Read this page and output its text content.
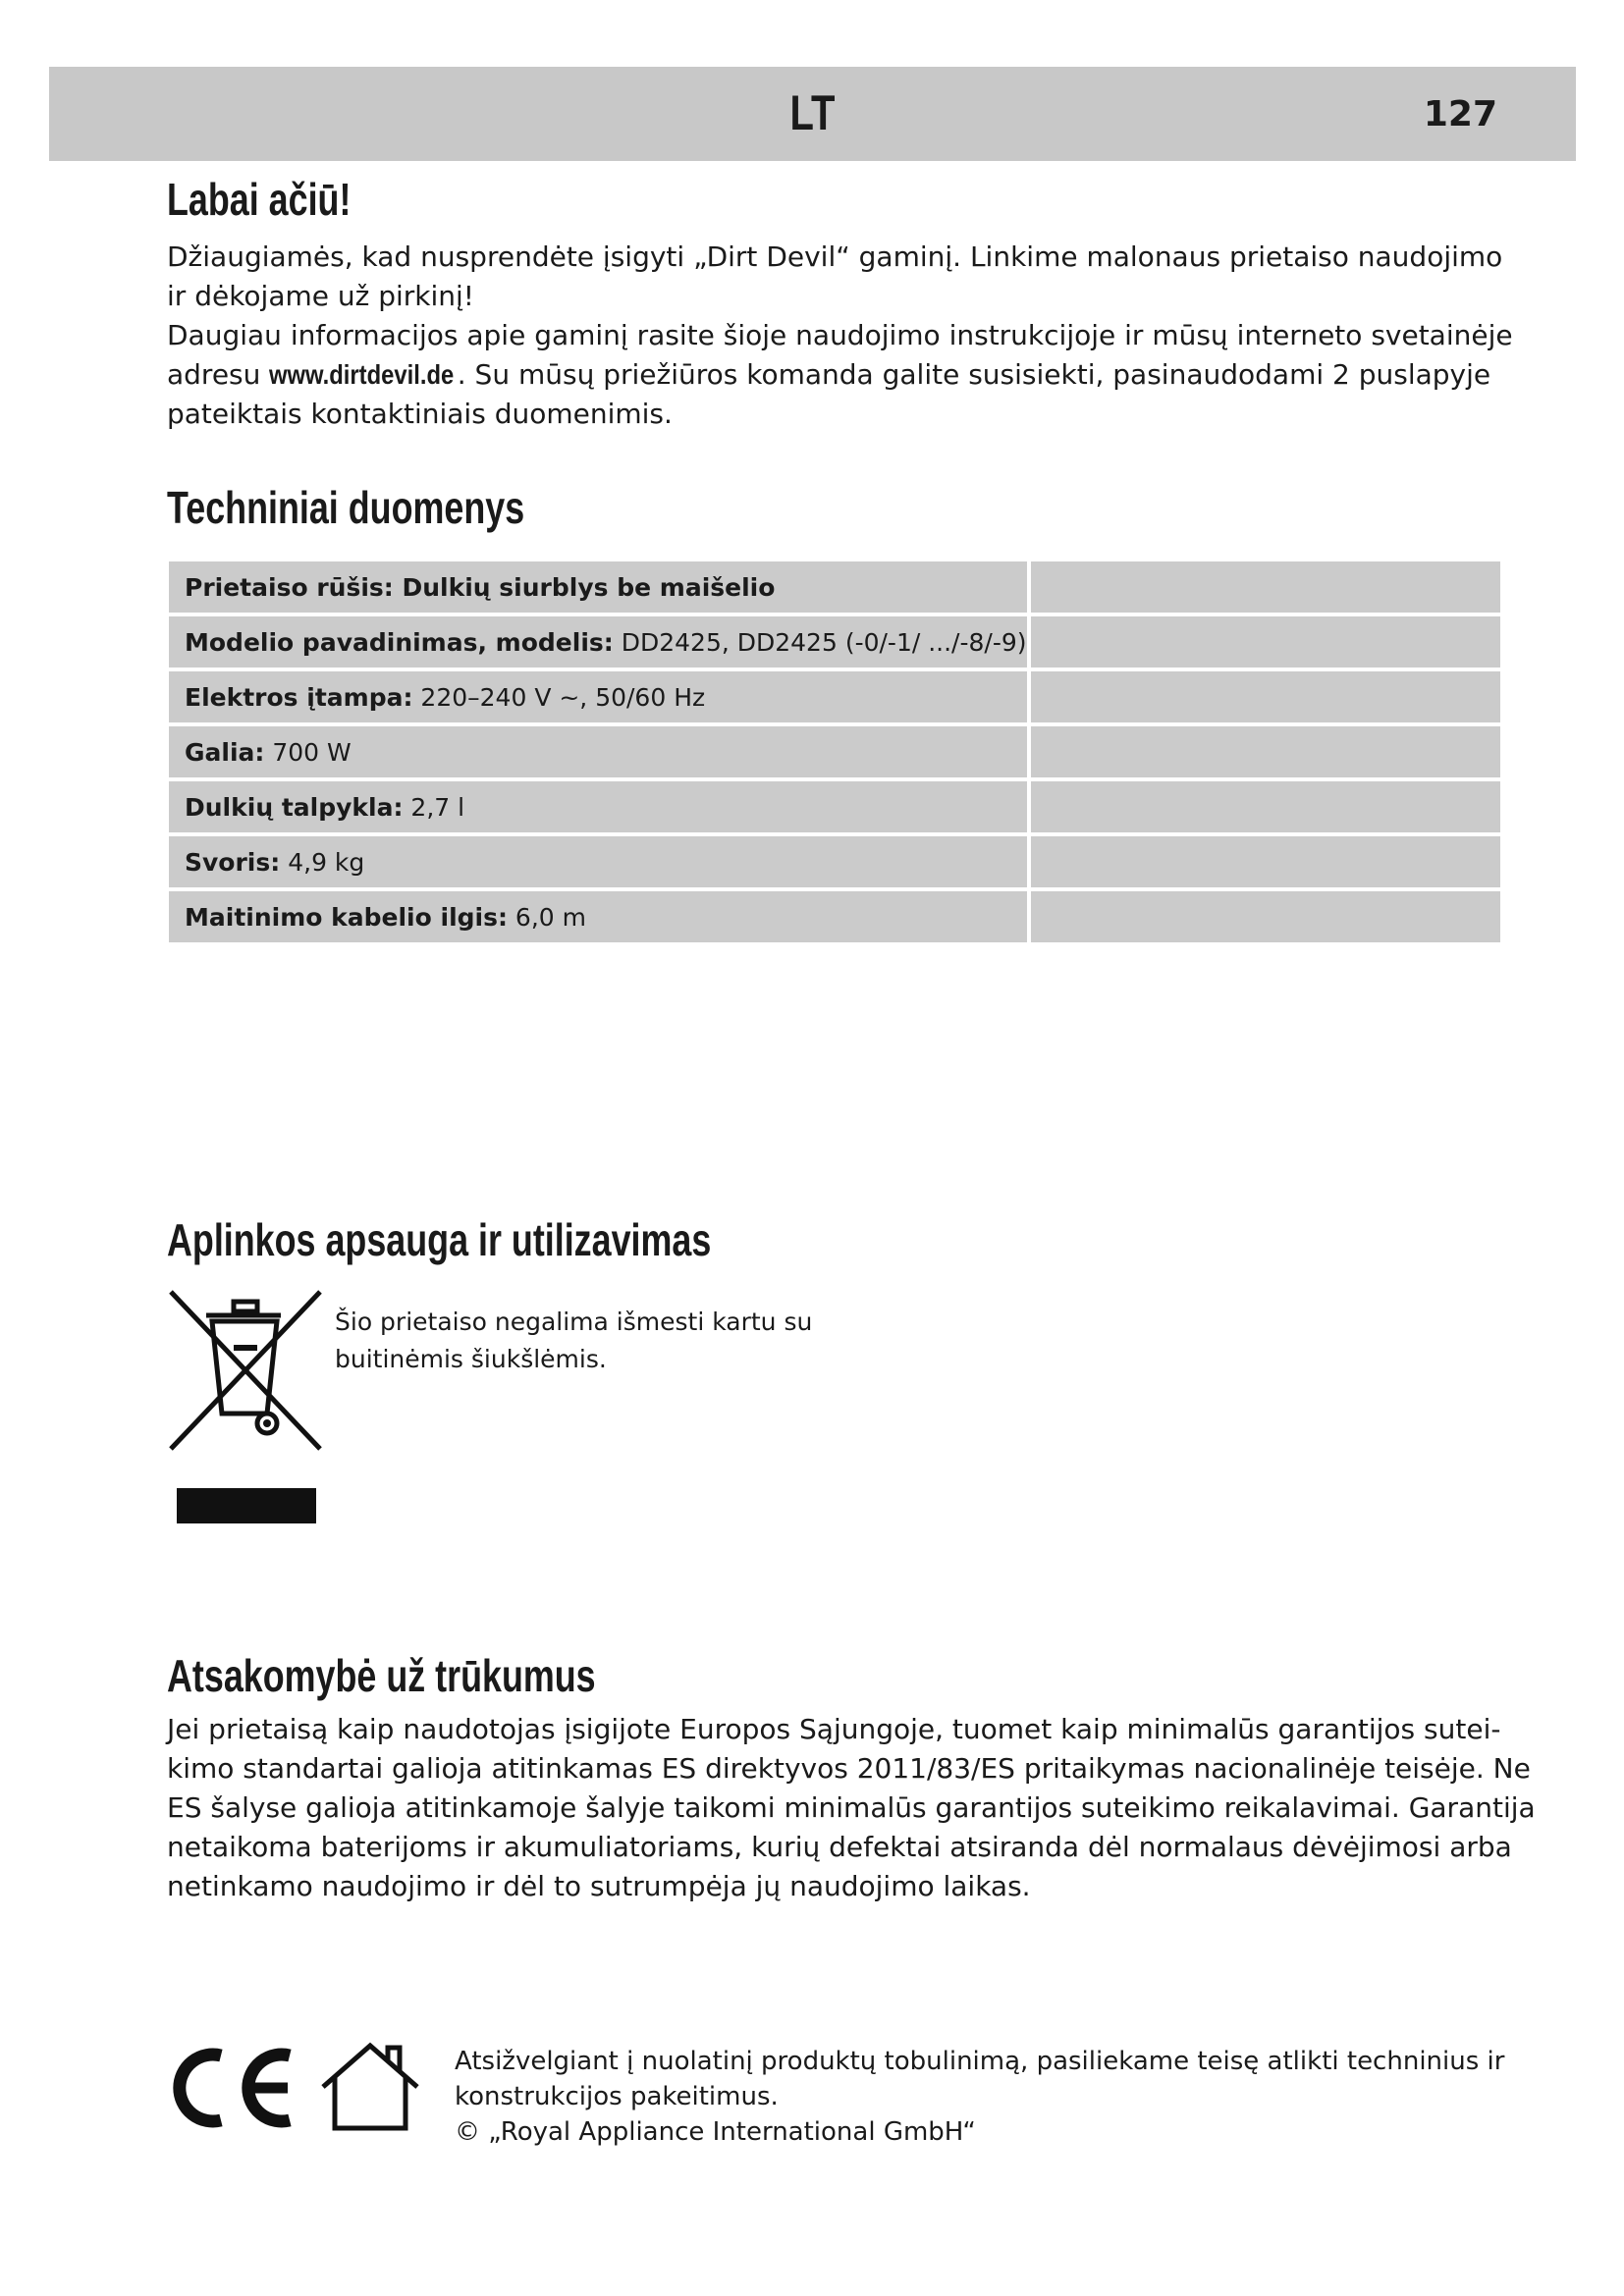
LT	127
Labai ačiū!
Džiaugiamės, kad nusprendėte įsigyti „Dirt Devil“ gaminį. Linkime malonaus prietaiso naudojimo
ir dėkojame už pirkinį!
Daugiau informacijos apie gaminį rasite šioje naudojimo instrukcijoje ir mūsų interneto svetainėje
adresu www.dirtdevil.de . Su mūsų priežiūros komanda galite susisiekti, pasinaudodami 2 puslapyje
pateiktais kontaktiniais duomenimis.
Techniniai duomenys
Prietaiso rūšis: Dulkių siurblys be maišelio	

Modelio pavadinimas, modelis: DD2425, DD2425 (-0/-1/ .../-8/-9)	

Elektros įtampa: 220–240 V ~, 50/60 Hz	

Galia: 700 W	

Dulkių talpykla: 2,7 l	

Svoris: 4,9 kg	

Maitinimo kabelio ilgis: 6,0 m	

Aplinkos apsauga ir utilizavimas
Šio prietaiso negalima išmesti kartu su
buitinėmis šiukšlėmis.
Atsakomybė už trūkumus
Jei prietaisą kaip naudotojas įsigijote Europos Sąjungoje, tuomet kaip minimalūs garantijos sutei-
kimo standartai galioja atitinkamas ES direktyvos 2011/83/ES pritaikymas nacionalinėje teisėje. Ne
ES šalyse galioja atitinkamoje šalyje taikomi minimalūs garantijos suteikimo reikalavimai. Garantija
netaikoma baterijoms ir akumuliatoriams, kurių defektai atsiranda dėl normalaus dėvėjimosi arba
netinkamo naudojimo ir dėl to sutrumpėja jų naudojimo laikas.
Atsižvelgiant į nuolatinį produktų tobulinimą, pasiliekame teisę atlikti techninius ir
konstrukcijos pakeitimus.
© „Royal Appliance International GmbH“
